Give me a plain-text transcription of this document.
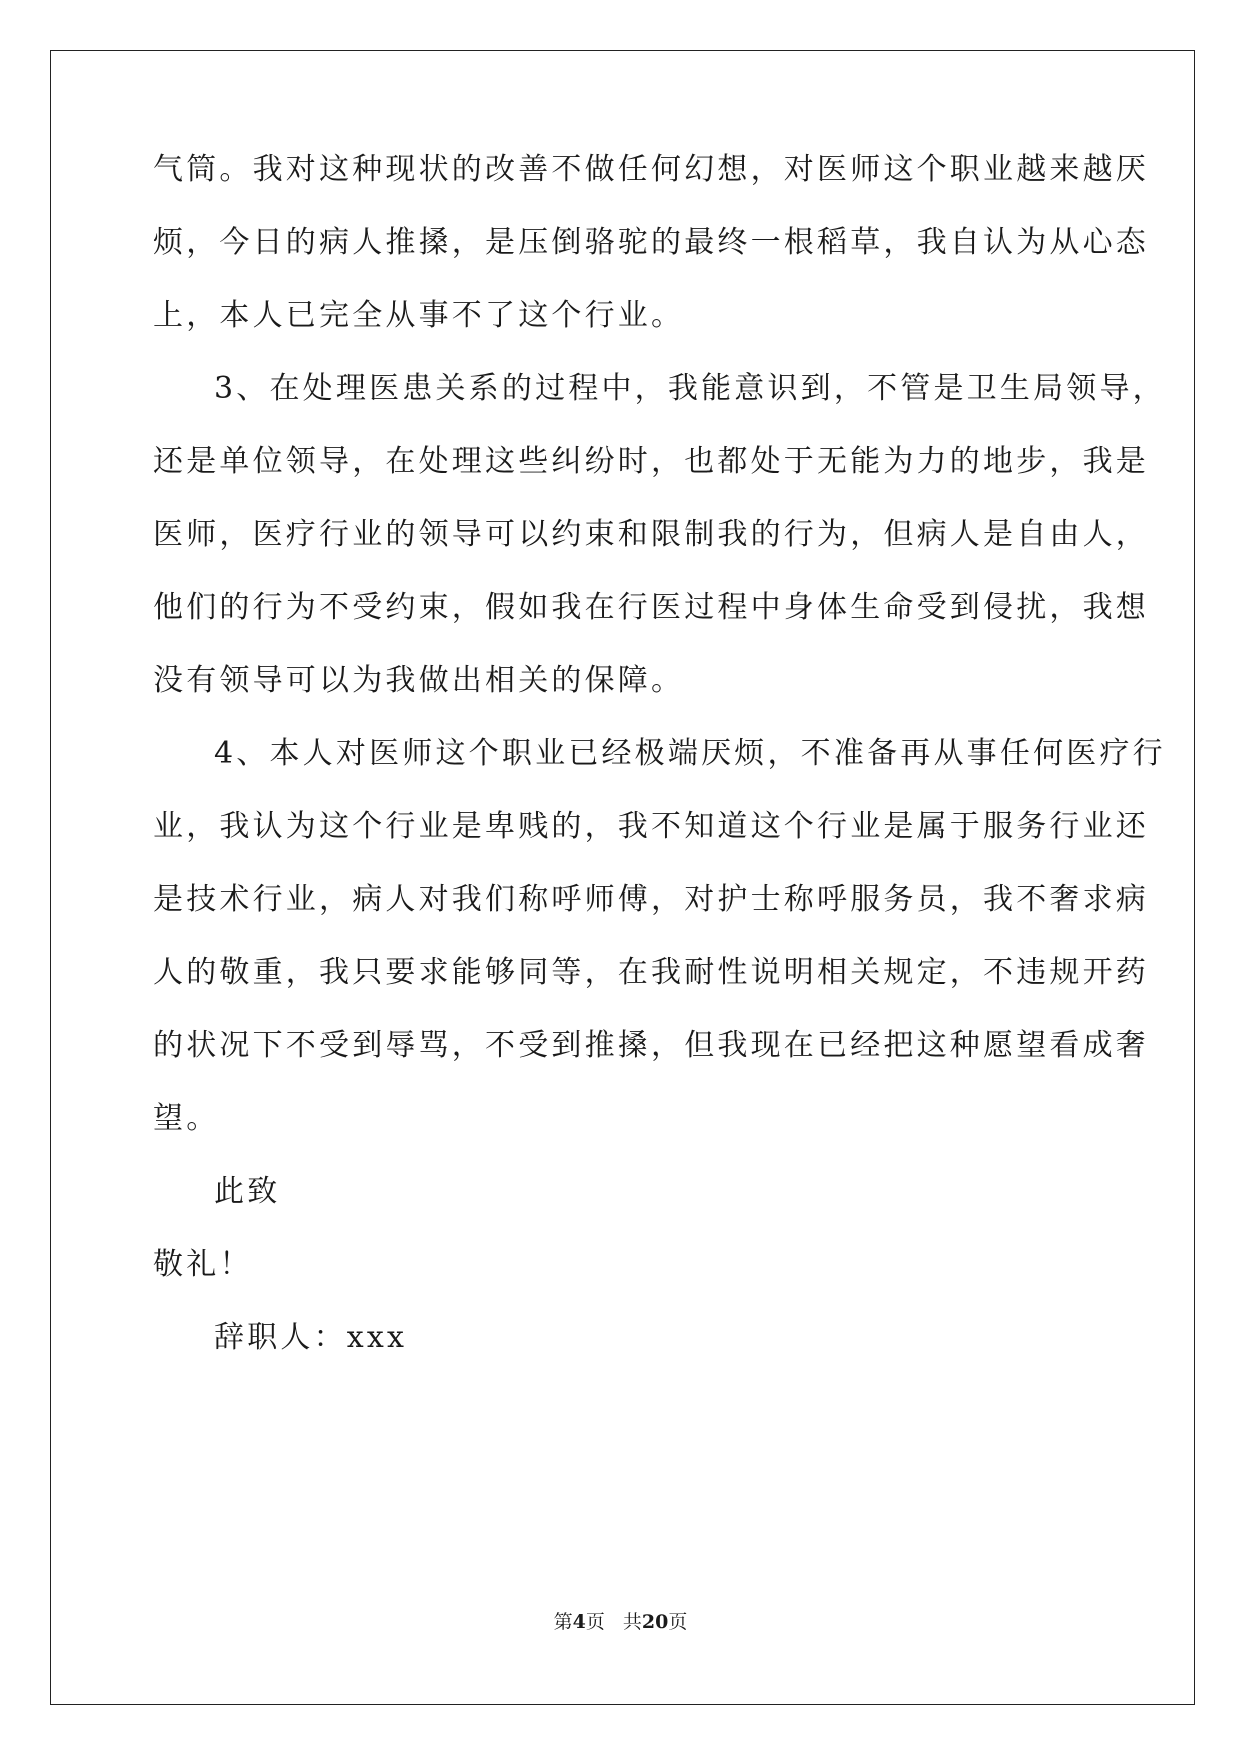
气筒。我对这种现状的改善不做任何幻想，对医师这个职业越来越厌
烦，今日的病人推搡，是压倒骆驼的最终一根稻草，我自认为从心态
上，本人已完全从事不了这个行业。
3、在处理医患关系的过程中，我能意识到，不管是卫生局领导，
还是单位领导，在处理这些纠纷时，也都处于无能为力的地步，我是
医师，医疗行业的领导可以约束和限制我的行为，但病人是自由人，
他们的行为不受约束，假如我在行医过程中身体生命受到侵扰，我想
没有领导可以为我做出相关的保障。
4、本人对医师这个职业已经极端厌烦，不准备再从事任何医疗行
业，我认为这个行业是卑贱的，我不知道这个行业是属于服务行业还
是技术行业，病人对我们称呼师傅，对护士称呼服务员，我不奢求病
人的敬重，我只要求能够同等，在我耐性说明相关规定，不违规开药
的状况下不受到辱骂，不受到推搡，但我现在已经把这种愿望看成奢
望。
此致
敬礼！
辞职人：xxx
第4页 共20页
